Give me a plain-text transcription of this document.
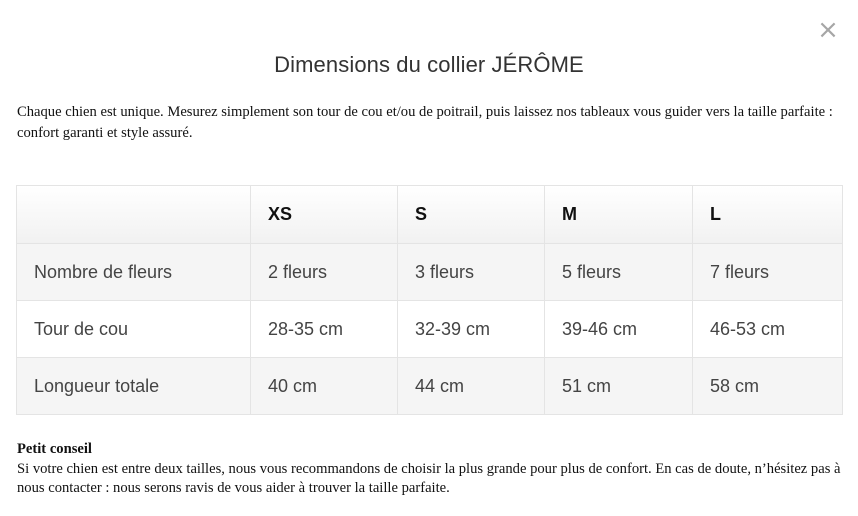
×
Dimensions du collier JÉRÔME

Chaque chien est unique. Mesurez simplement son tour de cou et/ou de poitrail, puis laissez nos tableaux vous guider vers la taille parfaite : confort garanti et style assuré.

	XS	S	M	L
Nombre de fleurs	2 fleurs	3 fleurs	5 fleurs	7 fleurs
Tour de cou	28-35 cm	32-39 cm	39-46 cm	46-53 cm
Longueur totale	40 cm	44 cm	51 cm	58 cm
Petit conseil
Si votre chien est entre deux tailles, nous vous recommandons de choisir la plus grande pour plus de confort. En cas de doute, n’hésitez pas à nous contacter : nous serons ravis de vous aider à trouver la taille parfaite.
